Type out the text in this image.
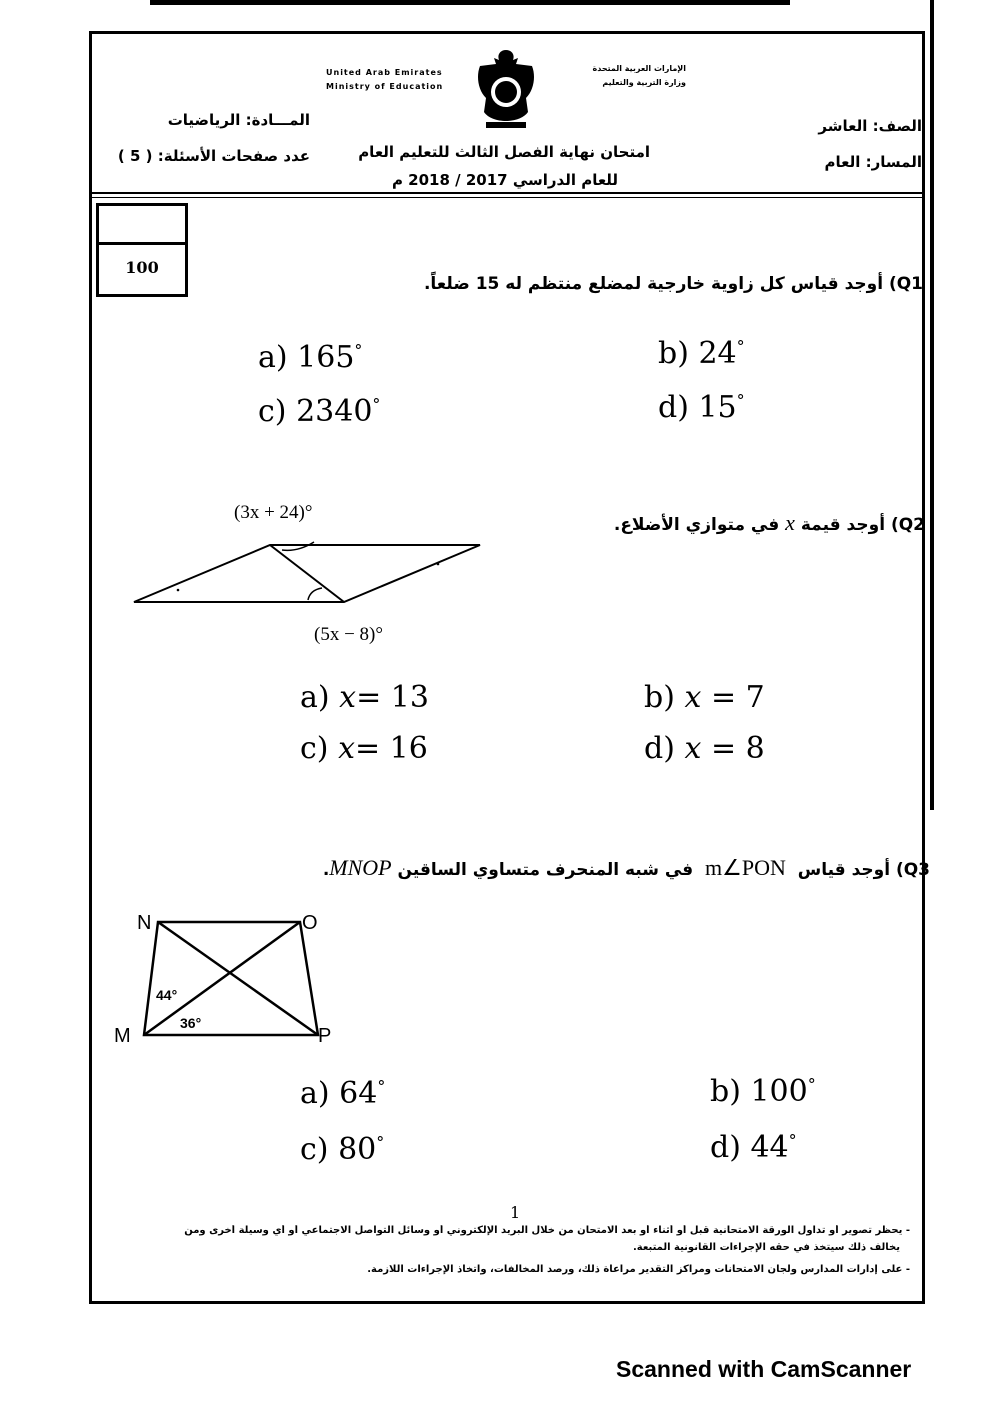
United Arab Emirates
Ministry of Education
الإمارات العربية المتحدة
وزارة التربية والتعليم
المـــادة: الرياضيات
عدد صفحات الأسئلة: ( 5 )	امتحان نهاية الفصل الثالث للتعليم العام
للعام الدراسي 2017 / 2018 م
الصف: العاشر
المسار: العام
100
Q1) أوجد قياس كل زاوية خارجية لمضلع منتظم له 15 ضلعاً.
a) 165°	b) 24°
c) 2340°	d) 15°
Q2) أوجد قيمة x في متوازي الأضلاع.
(3x + 24)°
(5x − 8)°
a) x= 13	b) x = 7
c) x= 16	d) x = 8
Q3) أوجد قياس  m∠PON  في شبه المنحرف متساوي الساقين MNOP.
N	O
M	P
44°
36°
a) 64°	b) 100°
c) 80°	d) 44°
1
- يحظر تصوير أو تداول الورقة الامتحانية قبل أو أثناء أو بعد الامتحان من خلال البريد الإلكتروني أو وسائل التواصل الاجتماعي أو أي وسيلة أخرى ومن
يخالف ذلك سيتخذ في حقه الإجراءات القانونية المتبعة.
- على إدارات المدارس ولجان الامتحانات ومراكز التقدير مراعاة ذلك، ورصد المخالفات، واتخاذ الإجراءات اللازمة.
Scanned with CamScanner
